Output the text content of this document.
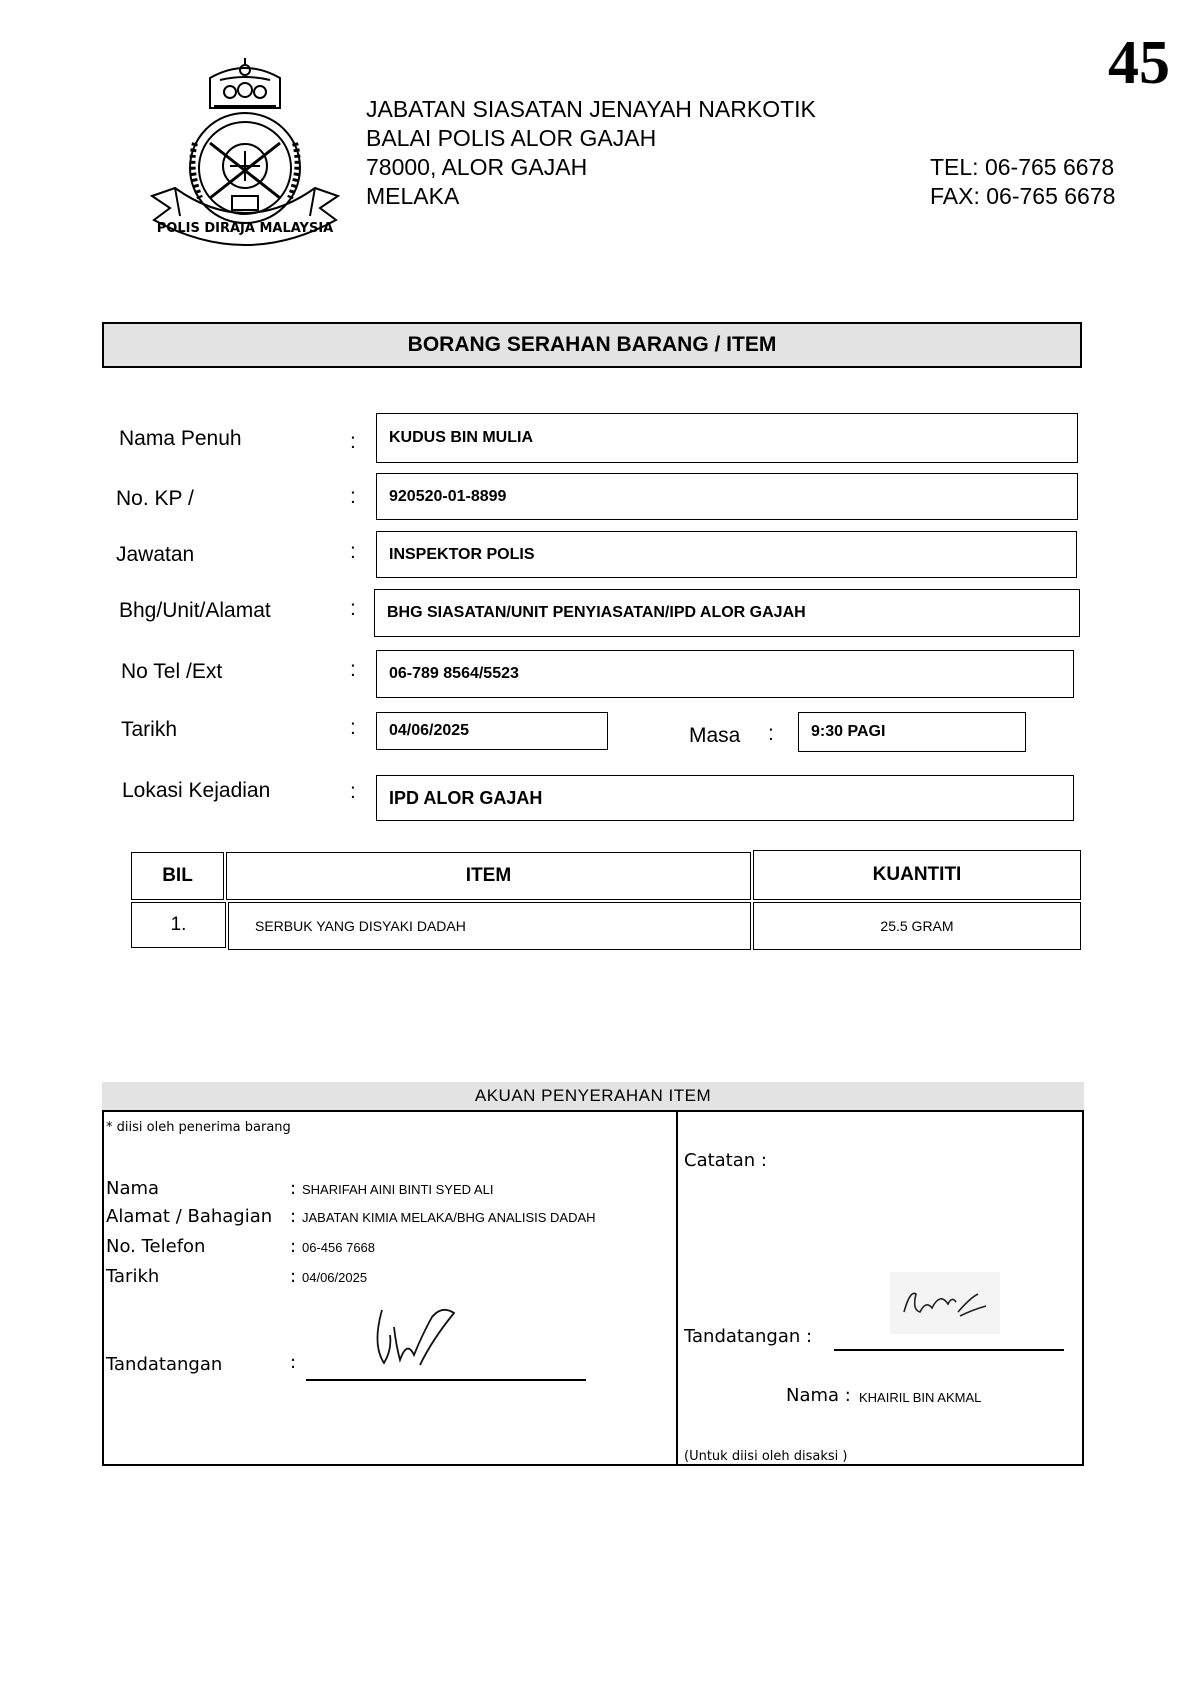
45
POLIS DIRAJA MALAYSIA
JABATAN SIASATAN JENAYAH NARKOTIK
BALAI POLIS ALOR GAJAH
78000, ALOR GAJAH
MELAKA
TEL: 06-765 6678
FAX: 06-765 6678
BORANG SERAHAN BARANG / ITEM
Nama Penuh	:	KUDUS BIN MULIA
No. KP /	:	920520-01-8899
Jawatan	:	INSPEKTOR POLIS
Bhg/Unit/Alamat	:	BHG SIASATAN/UNIT PENYIASATAN/IPD ALOR GAJAH
No Tel /Ext	:	06-789 8564/5523
Tarikh	:	04/06/2025	Masa :	9:30 PAGI
Lokasi Kejadian	:	IPD ALOR GAJAH
BIL	ITEM	KUANTITI
1.	SERBUK YANG DISYAKI DADAH	25.5 GRAM
AKUAN PENYERAHAN ITEM
* diisi oleh penerima barang
Nama	: SHARIFAH AINI BINTI SYED ALI
Alamat / Bahagian : JABATAN KIMIA MELAKA/BHG ANALISIS DADAH
No. Telefon	: 06-456 7668
Tarikh	: 04/06/2025
Tandatangan	:
Catatan :
Tandatangan :
Nama : KHAIRIL BIN AKMAL
(Untuk diisi oleh disaksi )
